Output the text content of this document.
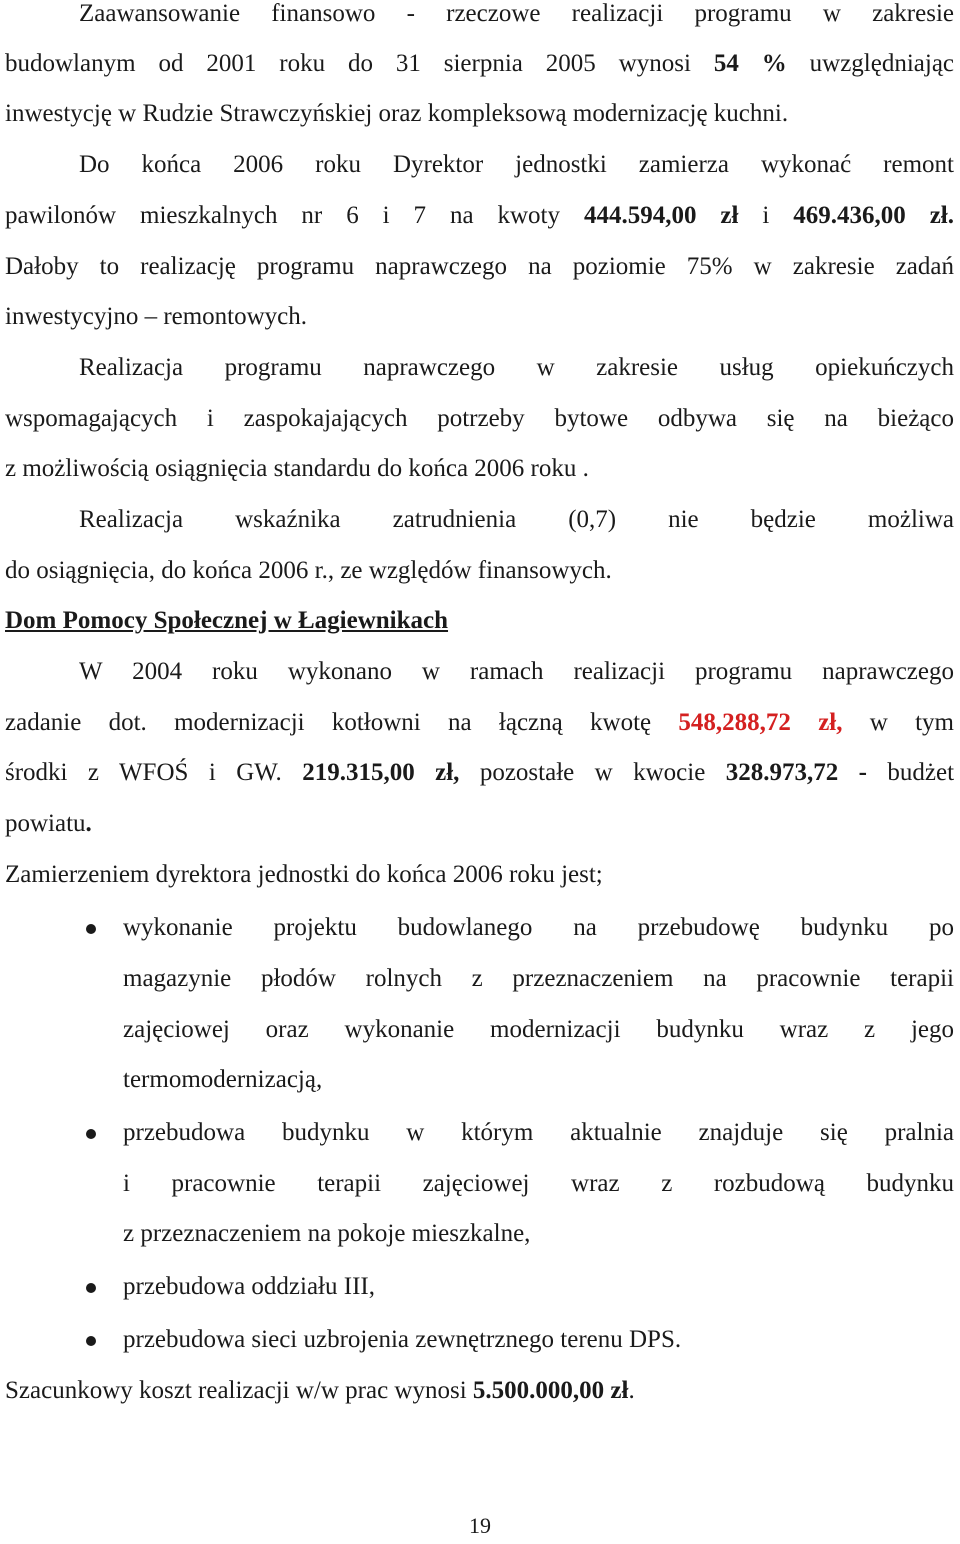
Zaawansowanie finansowo - rzeczowe realizacji programu w zakresie

budowlanym od 2001 roku do 31 sierpnia 2005 wynosi 54 % uwzględniając

inwestycję w Rudzie Strawczyńskiej oraz kompleksową modernizację kuchni.

Do końca 2006 roku Dyrektor jednostki zamierza wykonać remont

pawilonów mieszkalnych nr 6 i 7 na kwoty 444.594,00 zł i 469.436,00 zł.

Dałoby to realizację programu naprawczego na poziomie 75% w zakresie zadań

inwestycyjno – remontowych.

Realizacja programu naprawczego w zakresie usług opiekuńczych

wspomagających i zaspokajających potrzeby bytowe odbywa się na bieżąco

z możliwością osiągnięcia standardu do końca 2006 roku .

Realizacja wskaźnika zatrudnienia (0,7) nie będzie możliwa

do osiągnięcia, do końca 2006 r., ze względów finansowych.

Dom Pomocy Społecznej w Łagiewnikach

W 2004 roku wykonano w ramach realizacji programu naprawczego

zadanie dot. modernizacji kotłowni na łączną kwotę 548,288,72 zł, w tym

środki z WFOŚ i GW. 219.315,00 zł, pozostałe w kwocie 328.973,72 - budżet

powiatu.

Zamierzeniem dyrektora jednostki do końca 2006 roku jest;

wykonanie projektu budowlanego na przebudowę budynku po

magazynie płodów rolnych z przeznaczeniem na pracownie terapii

zajęciowej oraz wykonanie modernizacji budynku wraz z jego

termomodernizacją,

przebudowa budynku w którym aktualnie znajduje się pralnia

i pracownie terapii zajęciowej wraz z rozbudową budynku

z przeznaczeniem na pokoje mieszkalne,

przebudowa oddziału III,

przebudowa sieci uzbrojenia zewnętrznego terenu DPS.

Szacunkowy koszt realizacji w/w prac wynosi 5.500.000,00 zł.

19
